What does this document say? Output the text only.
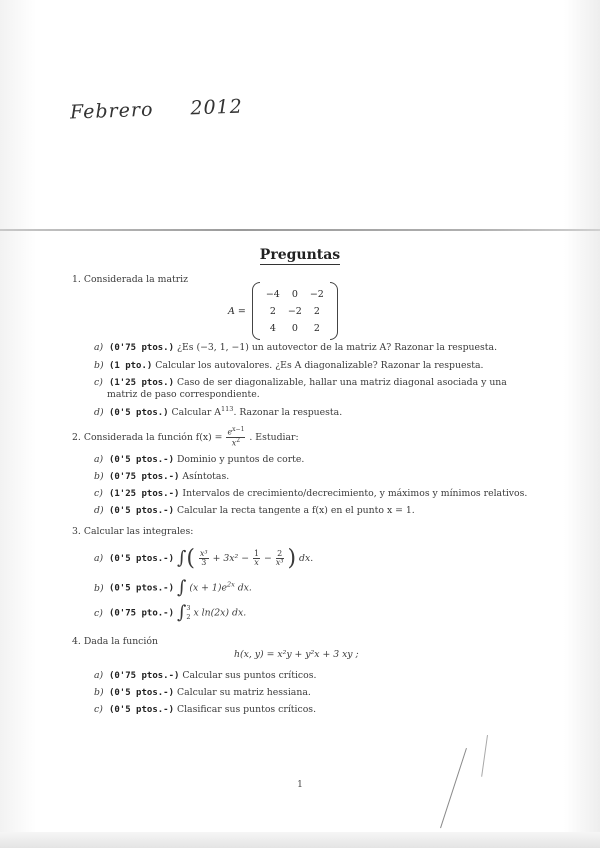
Febrero 2012
Preguntas
1. Considerada la matriz
A =
−4	0	−2
2	−2	2
4	0	2
a) (0'75 ptos.) ¿Es (−3, 1, −1) un autovector de la matriz A? Razonar la respuesta.
b) (1 pto.) Calcular los autovalores. ¿Es A diagonalizable? Razonar la respuesta.
c) (1'25 ptos.) Caso de ser diagonalizable, hallar una matriz diagonal asociada y una
matriz de paso correspondiente.
d) (0'5 ptos.) Calcular $A^{113}$. Razonar la respuesta.
2. Considerada la función $f(x) = \frac{e^{x-1}}{x^2}$ . Estudiar:
a) (0'5 ptos.-) Dominio y puntos de corte.
b) (0'75 ptos.-) Asíntotas.
c) (1'25 ptos.-) Intervalos de crecimiento/decrecimiento, y máximos y mínimos relativos.
d) (0'5 ptos.-) Calcular la recta tangente a f(x) en el punto x = 1.
3. Calcular las integrales:
a) (0'5 ptos.-) ∫( $\frac{\text{x³}}{3} + 3x^2 - \frac{1}{x} - \frac{2}{\text{x³}}$ ) dx.
b) (0'5 ptos.-) ∫ $(x + 1)e^{2x}$ dx.
c) (0'75 pto.-) ∫ 3
2 x ln(2x) dx.
4. Dada la función
h(x, y) = x²y + y²x + 3 xy ;
a) (0'75 ptos.-) Calcular sus puntos críticos.
b) (0'5 ptos.-) Calcular su matriz hessiana.
c) (0'5 ptos.-) Clasificar sus puntos críticos.
1
